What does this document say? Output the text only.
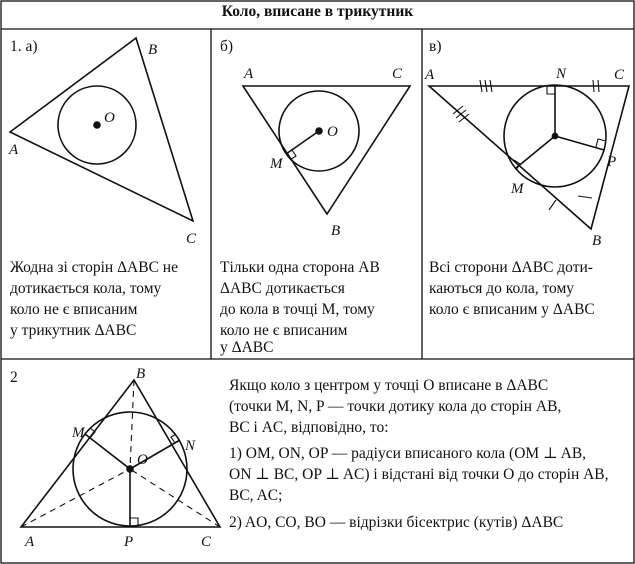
A
B
C
O
A	C
B
O
M
A	N	C
M
P
B
B
M
N
O
A	P	C
Коло, вписане в трикутник
1. а)	б)	в)
2
Жодна зі сторін ΔABC не
дотикається кола, тому
коло не є вписаним
у трикутник ΔABC
Тільки одна сторона AB
ΔABC дотикається
до кола в точці M, тому
коло не є вписаним
у ΔABC
Всі сторони ΔABC доти-
каються до кола, тому
коло є вписаним у ΔABC
Якщо коло з центром у точці O вписане в ΔABC
(точки M, N, P — точки дотику кола до сторін AB,
BC і AC, відповідно, то:
1) OM, ON, OP — радіуси вписаного кола (OM ⊥ AB,
ON ⊥ BC, OP ⊥ AC) і відстані від точки O до сторін AB,
BC, AC;
2) AO, CO, BO — відрізки бісектрис (кутів) ΔABC
